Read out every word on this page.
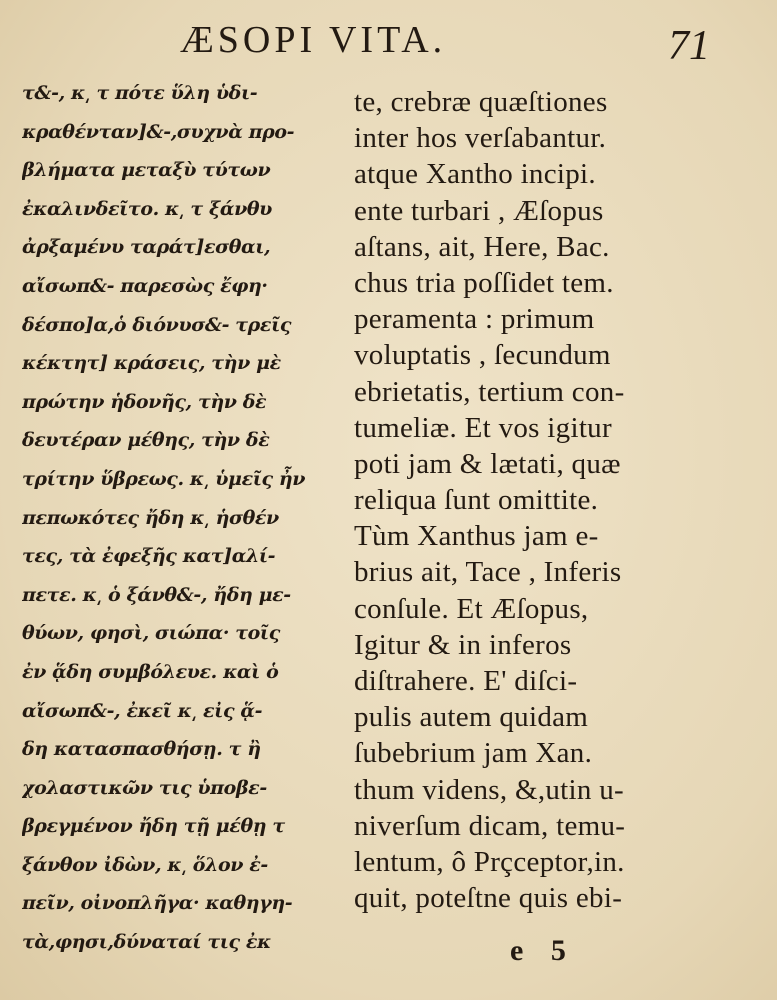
ÆSOPI VITA.	71
τ&-, κ͵ τ πότε ὕλη ὑδι-
κραθένταν]&-,συχνὰ προ-
βλήματα μεταξὺ τύτων
ἐκαλινδεῖτο. κ͵ τ ξάνθυ
ἀρξαμένυ ταράτ]εσθαι,
αἴσωπ&- παρεσὼς ἔφη·
δέσπο]α,ὁ διόνυσ&- τρεῖς
κέκτητ] κράσεις, τὴν μὲ
πρώτην ἡδονῆς, τὴν δὲ
δευτέραν μέθης, τὴν δὲ
τρίτην ὕβρεως. κ͵ ὑμεῖς ἦν
πεπωκότες ἤδη κ͵ ἡσθέν
τες, τὰ ἐφεξῆς κατ]αλί-
πετε. κ͵ ὁ ξάνθ&-, ἤδη με-
θύων, φησὶ, σιώπα· τοῖς
ἐν ᾅδη συμβόλευε. καὶ ὁ
αἴσωπ&-, ἐκεῖ κ͵ εἰς ᾅ-
δη κατασπασθήσῃ. τ ἢ
χολαστικῶν τις ὑποβε-
βρεγμένον ἤδη τῇ μέθῃ τ
ξάνθον ἰδὼν, κ͵ ὅλον ἐ-
πεῖν, οἰνοπλῆγα· καθηγη-
τὰ,φησι,δύναταί τις ἐκ
te, crebræ quæſtiones
inter hos verſabantur.
atque Xantho incipi.
ente turbari , Æſopus
aſtans, ait, Here, Bac.
chus tria poſſidet tem.
peramenta : primum
voluptatis , ſecundum
ebrietatis, tertium con-
tumeliæ. Et vos igitur
poti jam & lætati, quæ
reliqua ſunt omittite.
Tùm Xanthus jam e-
brius ait, Tace , Inferis
conſule. Et Æſopus,
Igitur & in inferos
diſtrahere. E' diſci-
pulis autem quidam
ſubebrium jam Xan.
thum videns, &,utin u-
niverſum dicam, temu-
lentum, ô Prçceptor,in.
quit, poteſtne quis ebi-
e 5
